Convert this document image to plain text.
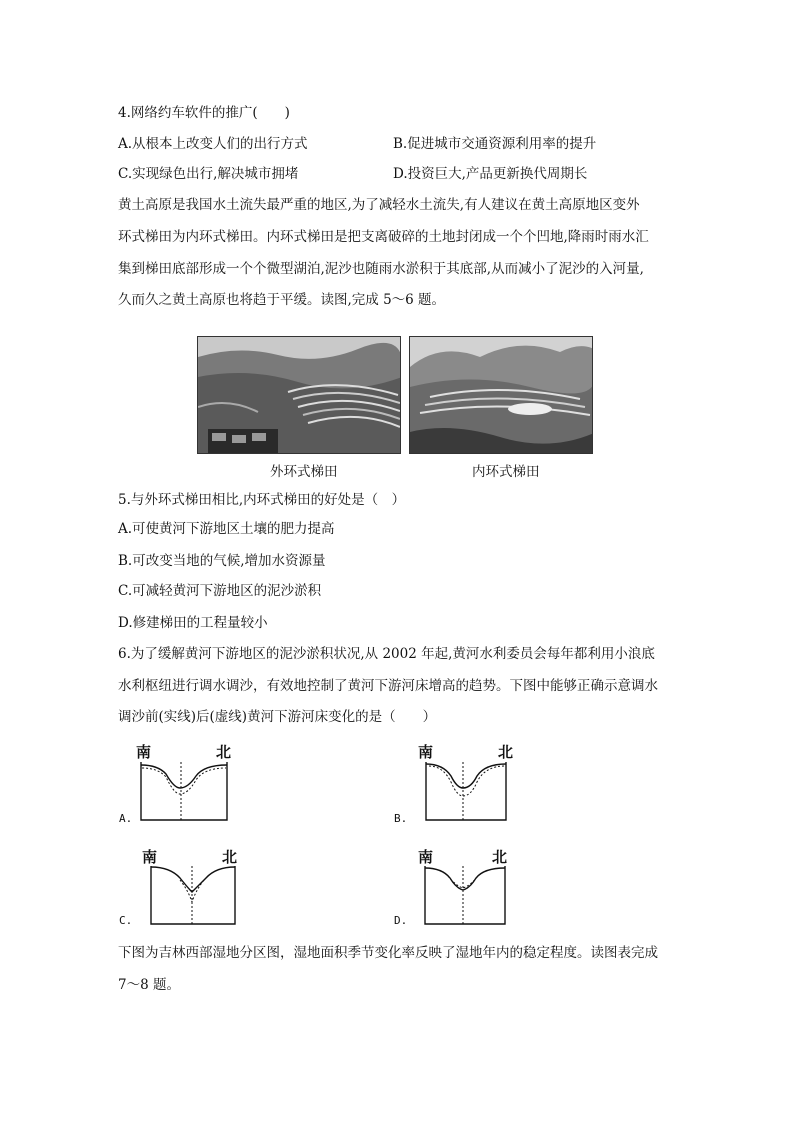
4.网络约车软件的推广(　　)
A.从根本上改变人们的出行方式	B.促进城市交通资源利用率的提升
C.实现绿色出行,解决城市拥堵	D.投资巨大,产品更新换代周期长
黄土高原是我国水土流失最严重的地区,为了减轻水土流失,有人建议在黄土高原地区变外
环式梯田为内环式梯田。内环式梯田是把支离破碎的土地封闭成一个个凹地,降雨时雨水汇
集到梯田底部形成一个个微型湖泊,泥沙也随雨水淤积于其底部,从而减小了泥沙的入河量,
久而久之黄土高原也将趋于平缓。读图,完成 5～6 题。
外环式梯田	内环式梯田
5.与外环式梯田相比,内环式梯田的好处是（　）
A.可使黄河下游地区土壤的肥力提高
B.可改变当地的气候,增加水资源量
C.可减轻黄河下游地区的泥沙淤积
D.修建梯田的工程量较小
6.为了缓解黄河下游地区的泥沙淤积状况,从 2002 年起,黄河水利委员会每年都利用小浪底
水利枢纽进行调水调沙，有效地控制了黄河下游河床增高的趋势。下图中能够正确示意调水
调沙前(实线)后(虚线)黄河下游河床变化的是（　　）
南	北
A.
南	北
B.
南	北
C.
南	北
D.
下图为吉林西部湿地分区图，湿地面积季节变化率反映了湿地年内的稳定程度。读图表完成
7～8 题。
